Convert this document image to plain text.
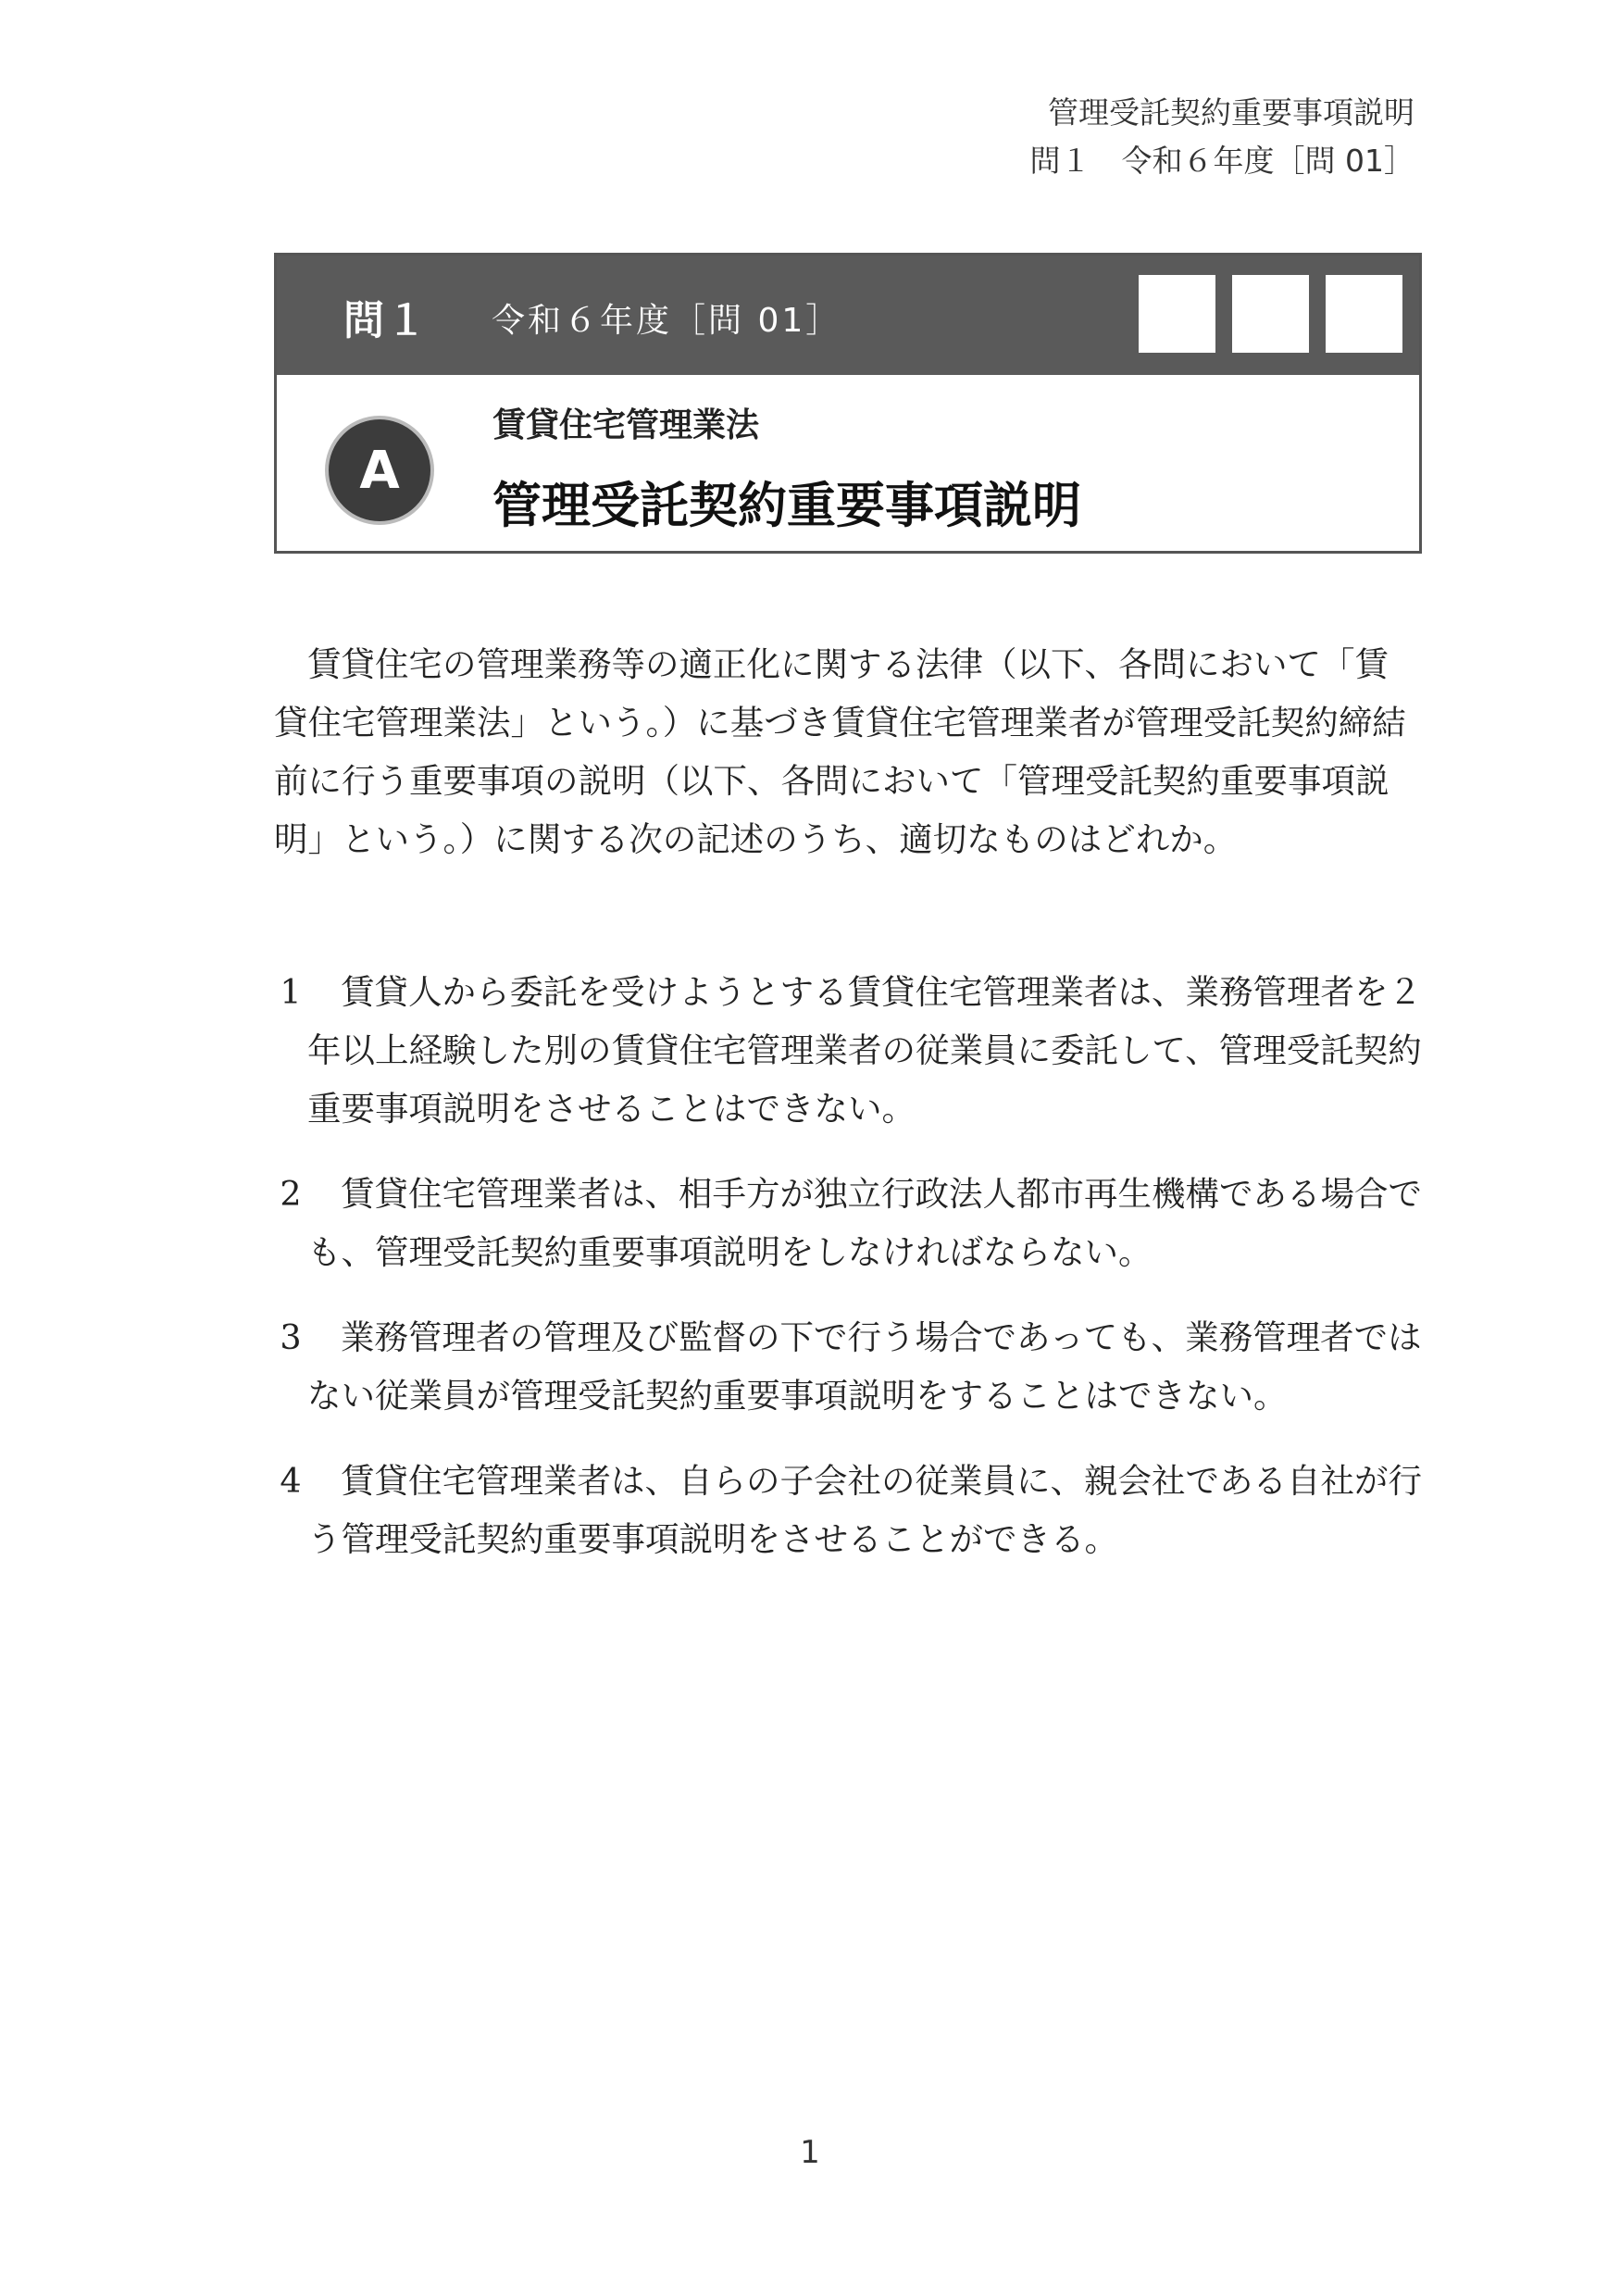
管理受託契約重要事項説明
問１　令和６年度［問 01］
問１ 令和６年度［問 01］
A
賃貸住宅管理業法
管理受託契約重要事項説明

賃貸住宅の管理業務等の適正化に関する法律（以下、各問において「賃貸住宅管理業法」という。）に基づき賃貸住宅管理業者が管理受託契約締結前に行う重要事項の説明（以下、各問において「管理受託契約重要事項説明」という。）に関する次の記述のうち、適切なものはどれか。

1	賃貸人から委託を受けようとする賃貸住宅管理業者は、業務管理者を２年以上経験した別の賃貸住宅管理業者の従業員に委託して、管理受託契約重要事項説明をさせることはできない。
2	賃貸住宅管理業者は、相手方が独立行政法人都市再生機構である場合でも、管理受託契約重要事項説明をしなければならない。
3	業務管理者の管理及び監督の下で行う場合であっても、業務管理者ではない従業員が管理受託契約重要事項説明をすることはできない。
4	賃貸住宅管理業者は、自らの子会社の従業員に、親会社である自社が行う管理受託契約重要事項説明をさせることができる。
1
